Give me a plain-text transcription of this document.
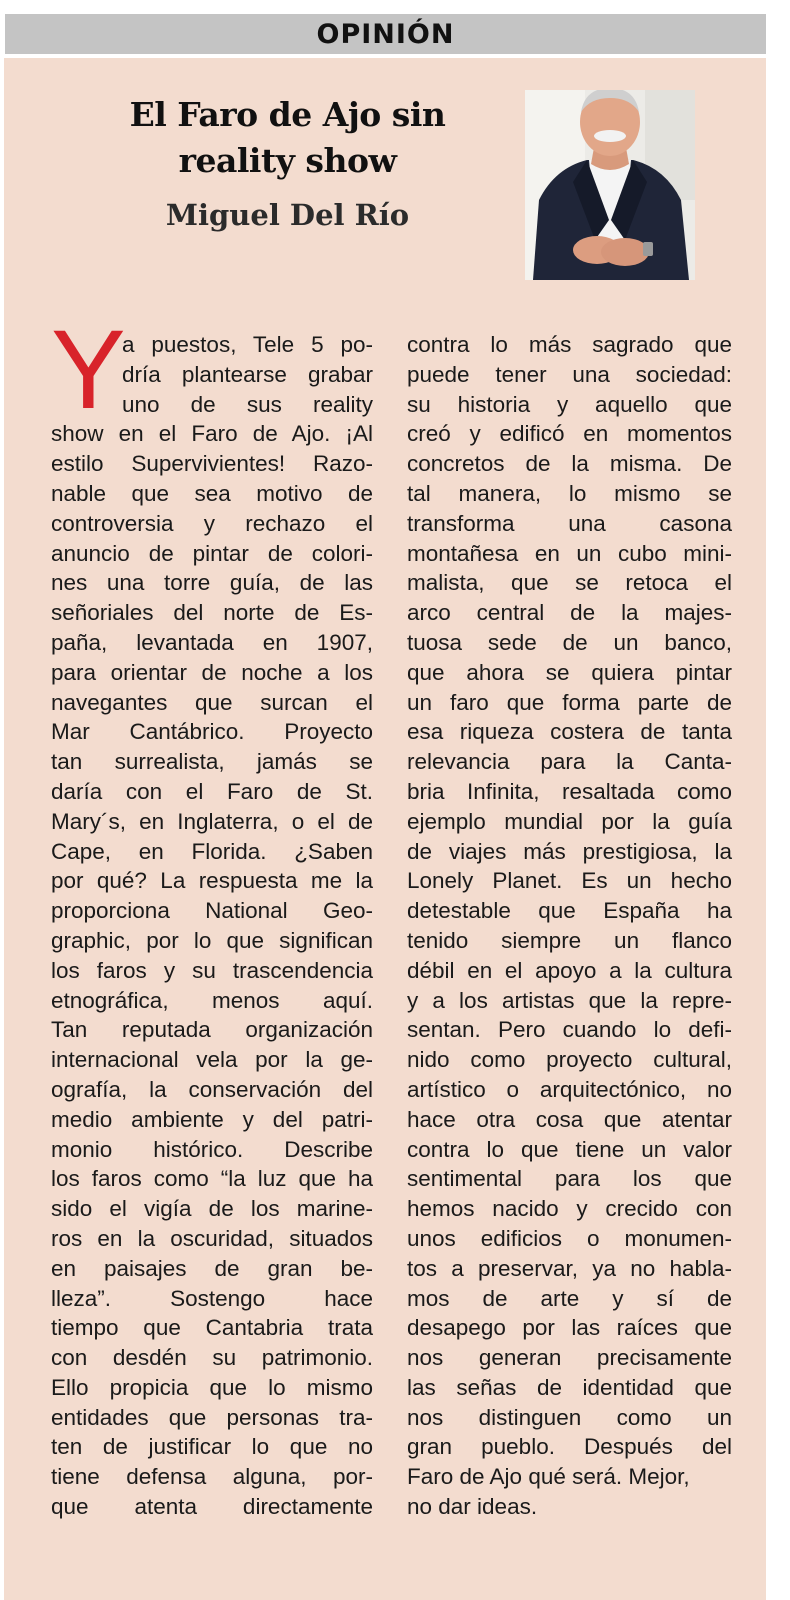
OPINIÓN
El Faro de Ajo sin
reality show
Miguel Del Río
Y
a puestos, Tele 5 po-
dría plantearse grabar
uno de sus reality
show en el Faro de Ajo. ¡Al
estilo Supervivientes! Razo-
nable que sea motivo de
controversia y rechazo el
anuncio de pintar de colori-
nes una torre guía, de las
señoriales del norte de Es-
paña, levantada en 1907,
para orientar de noche a los
navegantes que surcan el
Mar Cantábrico. Proyecto
tan surrealista, jamás se
daría con el Faro de St.
Mary´s, en Inglaterra, o el de
Cape, en Florida. ¿Saben
por qué? La respuesta me la
proporciona National Geo-
graphic, por lo que significan
los faros y su trascendencia
etnográfica, menos aquí.
Tan reputada organización
internacional vela por la ge-
ografía, la conservación del
medio ambiente y del patri-
monio histórico. Describe
los faros como “la luz que ha
sido el vigía de los marine-
ros en la oscuridad, situados
en paisajes de gran be-
lleza”. Sostengo hace
tiempo que Cantabria trata
con desdén su patrimonio.
Ello propicia que lo mismo
entidades que personas tra-
ten de justificar lo que no
tiene defensa alguna, por-
que atenta directamente
contra lo más sagrado que
puede tener una sociedad:
su historia y aquello que
creó y edificó en momentos
concretos de la misma. De
tal manera, lo mismo se
transforma una casona
montañesa en un cubo mini-
malista, que se retoca el
arco central de la majes-
tuosa sede de un banco,
que ahora se quiera pintar
un faro que forma parte de
esa riqueza costera de tanta
relevancia para la Canta-
bria Infinita, resaltada como
ejemplo mundial por la guía
de viajes más prestigiosa, la
Lonely Planet. Es un hecho
detestable que España ha
tenido siempre un flanco
débil en el apoyo a la cultura
y a los artistas que la repre-
sentan. Pero cuando lo defi-
nido como proyecto cultural,
artístico o arquitectónico, no
hace otra cosa que atentar
contra lo que tiene un valor
sentimental para los que
hemos nacido y crecido con
unos edificios o monumen-
tos a preservar, ya no habla-
mos de arte y sí de
desapego por las raíces que
nos generan precisamente
las señas de identidad que
nos distinguen como un
gran pueblo. Después del
Faro de Ajo qué será. Mejor,
no dar ideas.
